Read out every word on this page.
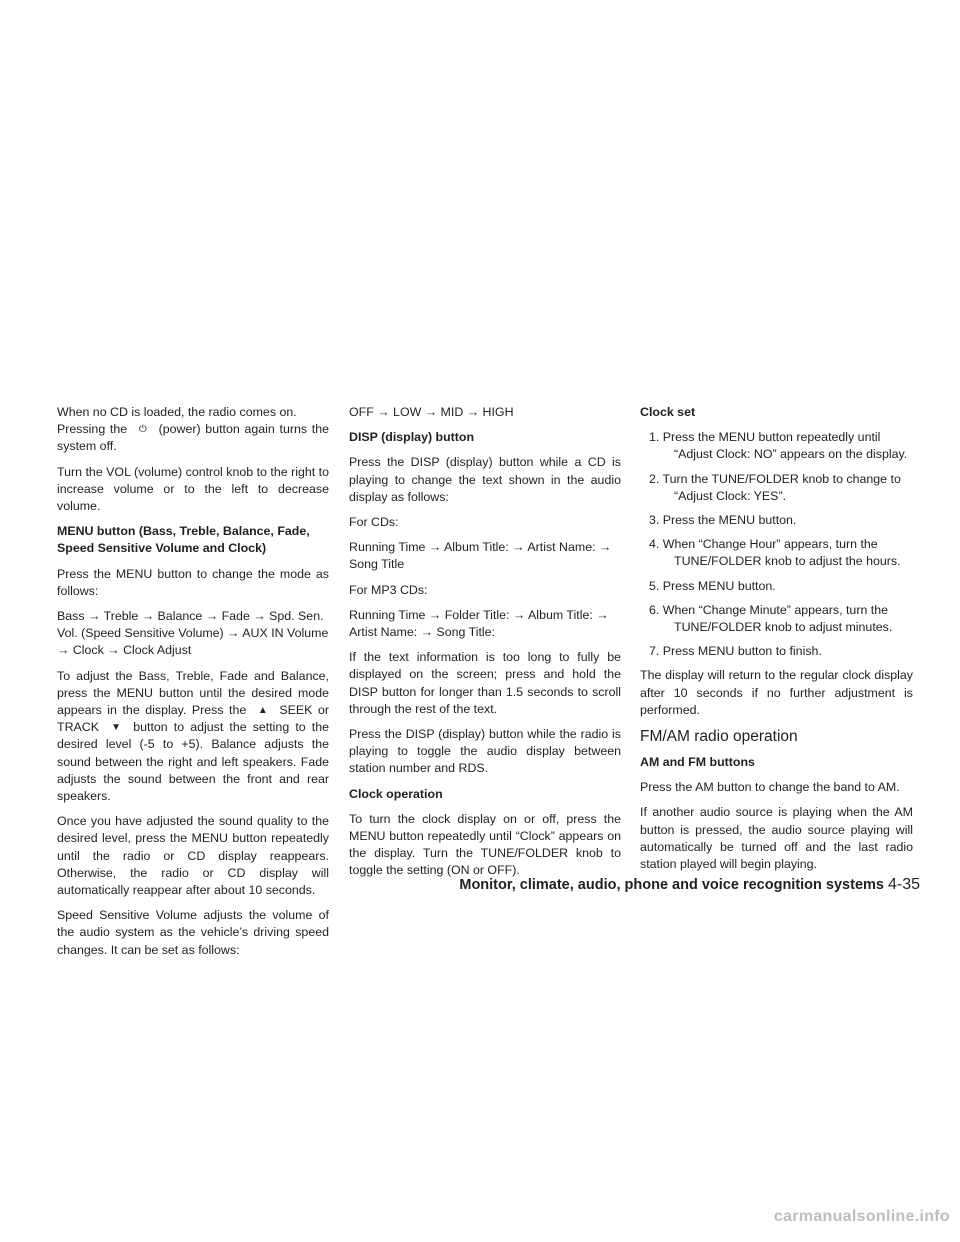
When no CD is loaded, the radio comes on.
Pressing the ⏻ (power) button again turns the system off.

Turn the VOL (volume) control knob to the right to increase volume or to the left to decrease volume.

MENU button (Bass, Treble, Balance, Fade, Speed Sensitive Volume and Clock)

Press the MENU button to change the mode as follows:

Bass → Treble → Balance → Fade → Spd. Sen. Vol. (Speed Sensitive Volume) → AUX IN Volume → Clock → Clock Adjust

To adjust the Bass, Treble, Fade and Balance, press the MENU button until the desired mode appears in the display. Press the ▲ SEEK or TRACK ▼ button to adjust the setting to the desired level (-5 to +5). Balance adjusts the sound between the right and left speakers. Fade adjusts the sound between the front and rear speakers.

Once you have adjusted the sound quality to the desired level, press the MENU button repeatedly until the radio or CD display reappears. Otherwise, the radio or CD display will automatically reappear after about 10 seconds.

Speed Sensitive Volume adjusts the volume of the audio system as the vehicle’s driving speed changes. It can be set as follows:

OFF → LOW → MID → HIGH

DISP (display) button

Press the DISP (display) button while a CD is playing to change the text shown in the audio display as follows:

For CDs:

Running Time → Album Title: → Artist Name: → Song Title

For MP3 CDs:

Running Time → Folder Title: → Album Title: → Artist Name: → Song Title:

If the text information is too long to fully be displayed on the screen; press and hold the DISP button for longer than 1.5 seconds to scroll through the rest of the text.

Press the DISP (display) button while the radio is playing to toggle the audio display between station number and RDS.

Clock operation

To turn the clock display on or off, press the MENU button repeatedly until “Clock” appears on the display. Turn the TUNE/FOLDER knob to toggle the setting (ON or OFF).

Clock set

1. Press the MENU button repeatedly until “Adjust Clock: NO” appears on the display.

2. Turn the TUNE/FOLDER knob to change to “Adjust Clock: YES”.

3. Press the MENU button.

4. When “Change Hour” appears, turn the TUNE/FOLDER knob to adjust the hours.

5. Press MENU button.

6. When “Change Minute” appears, turn the TUNE/FOLDER knob to adjust minutes.

7. Press MENU button to finish.

The display will return to the regular clock display after 10 seconds if no further adjustment is performed.

FM/AM radio operation
AM and FM buttons

Press the AM button to change the band to AM.

If another audio source is playing when the AM button is pressed, the audio source playing will automatically be turned off and the last radio station played will begin playing.

Monitor, climate, audio, phone and voice recognition systems 4-35
carmanualsonline.info
